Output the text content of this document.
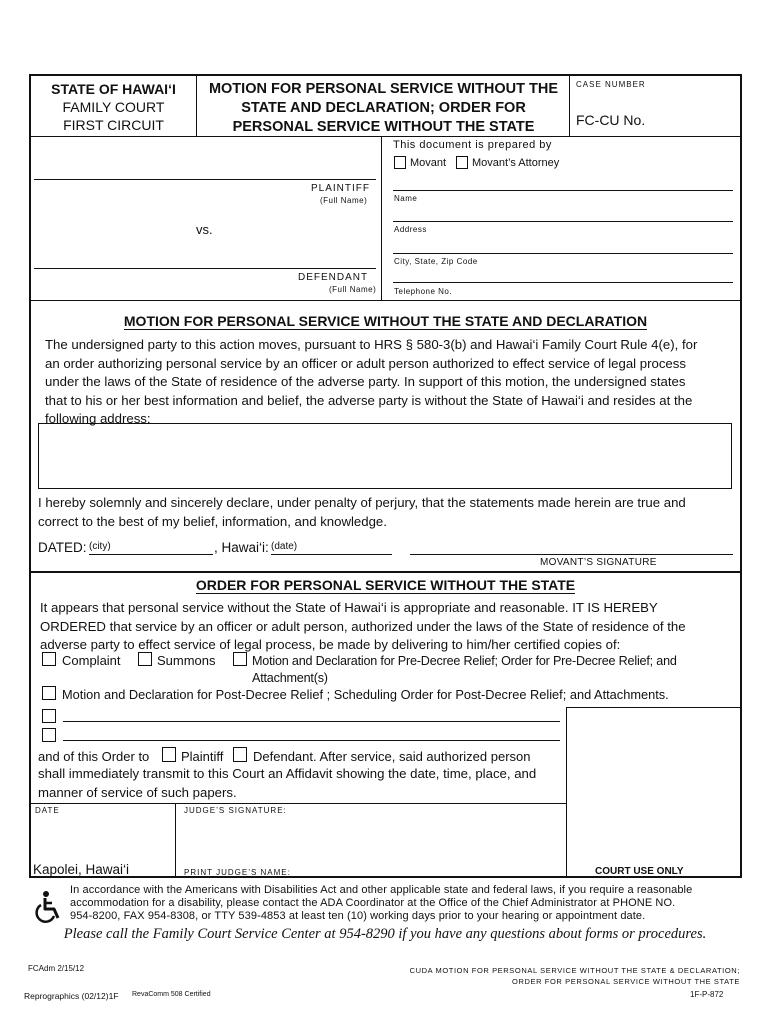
STATE OF HAWAI‘I
FAMILY COURT
FIRST CIRCUIT
MOTION FOR PERSONAL SERVICE WITHOUT THE
STATE AND DECLARATION; ORDER FOR
PERSONAL SERVICE WITHOUT THE STATE
CASE NUMBER
FC-CU No.
PLAINTIFF
(Full Name)
vs.
DEFENDANT
(Full Name)
This document is prepared by
Movant Movant’s Attorney
Name
Address
City, State, Zip Code
Telephone No.
MOTION FOR PERSONAL SERVICE WITHOUT THE STATE AND DECLARATION
The undersigned party to this action moves, pursuant to HRS § 580-3(b) and Hawai‘i Family Court Rule 4(e), for
an order authorizing personal service by an officer or adult person authorized to effect service of legal process
under the laws of the State of residence of the adverse party. In support of this motion, the undersigned states
that to his or her best information and belief, the adverse party is without the State of Hawai‘i and resides at the
following address:
I hereby solemnly and sincerely declare, under penalty of perjury, that the statements made herein are true and
correct to the best of my belief, information, and knowledge.
DATED: (city)	, Hawai‘i: (date)
MOVANT’S SIGNATURE
ORDER FOR PERSONAL SERVICE WITHOUT THE STATE
It appears that personal service without the State of Hawai‘i is appropriate and reasonable. IT IS HEREBY
ORDERED that service by an officer or adult person, authorized under the laws of the State of residence of the
adverse party to effect service of legal process, be made by delivering to him/her certified copies of:
Complaint	Summons	Motion and Declaration for Pre-Decree Relief; Order for Pre-Decree Relief; and
Attachment(s)
Motion and Declaration for Post-Decree Relief ; Scheduling Order for Post-Decree Relief; and Attachments.
and of this Order to Plaintiff Defendant. After service, said authorized person
shall immediately transmit to this Court an Affidavit showing the date, time, place, and
manner of service of such papers.
DATE	JUDGE’S SIGNATURE:
Kapolei, Hawai‘i	PRINT JUDGE’S NAME:	COURT USE ONLY
In accordance with the Americans with Disabilities Act and other applicable state and federal laws, if you require a reasonable
accommodation for a disability, please contact the ADA Coordinator at the Office of the Chief Administrator at PHONE NO.
954-8200, FAX 954-8308, or TTY 539-4853 at least ten (10) working days prior to your hearing or appointment date.
Please call the Family Court Service Center at 954-8290 if you have any questions about forms or procedures.
FCAdm 2/15/12	CUDA MOTION FOR PERSONAL SERVICE WITHOUT THE STATE & DECLARATION;
ORDER FOR PERSONAL SERVICE WITHOUT THE STATE
Reprographics (02/12)1F RevaComm 508 Certified	1F-P-872
